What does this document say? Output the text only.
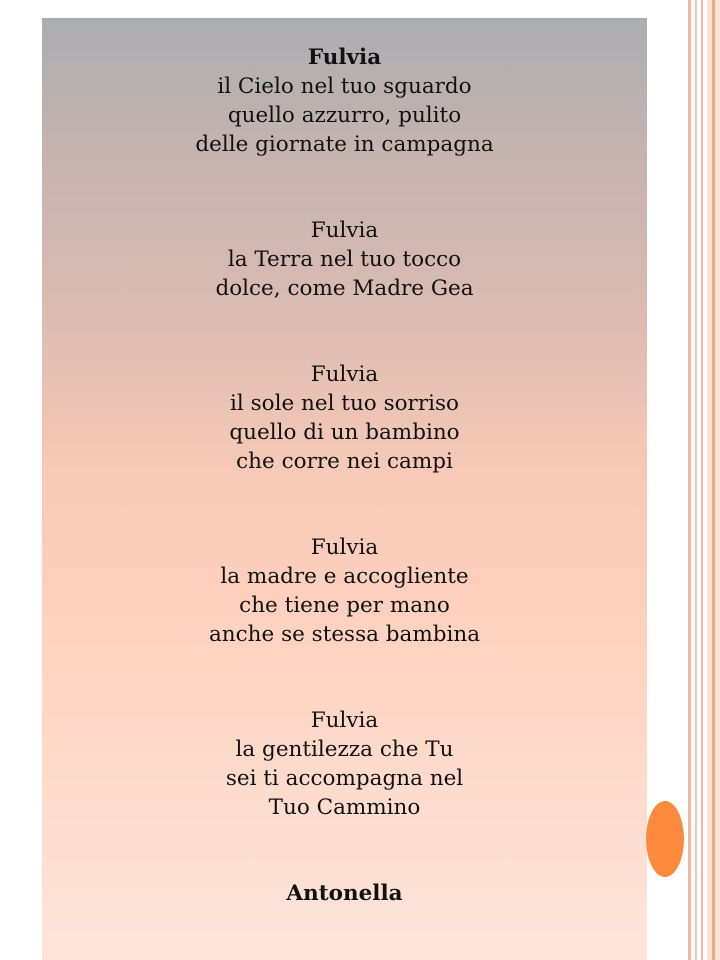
Fulvia
il Cielo nel tuo sguardo
quello azzurro, pulito
delle giornate in campagna
Fulvia
la Terra nel tuo tocco
dolce, come Madre Gea
Fulvia
il sole nel tuo sorriso
quello di un bambino
che corre nei campi
Fulvia
la madre e accogliente
che tiene per mano
anche se stessa bambina
Fulvia
la gentilezza che Tu
sei ti accompagna nel
Tuo Cammino
Antonella
